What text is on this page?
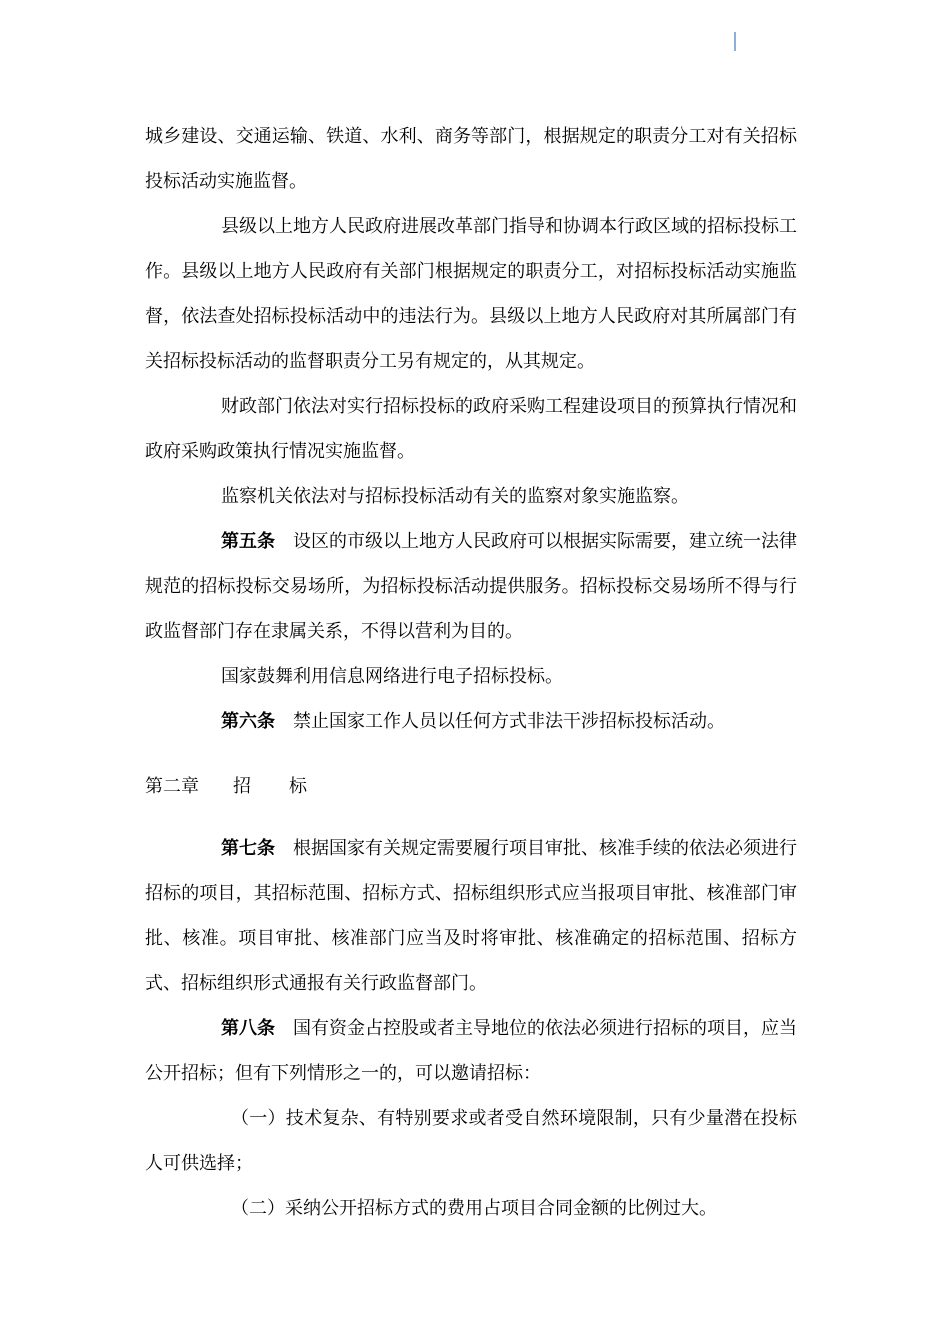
城乡建设、交通运输、铁道、水利、商务等部门，根据规定的职责分工对有关招标投标活动实施监督。

县级以上地方人民政府进展改革部门指导和协调本行政区域的招标投标工作。县级以上地方人民政府有关部门根据规定的职责分工，对招标投标活动实施监督，依法查处招标投标活动中的违法行为。县级以上地方人民政府对其所属部门有关招标投标活动的监督职责分工另有规定的，从其规定。

财政部门依法对实行招标投标的政府采购工程建设项目的预算执行情况和政府采购政策执行情况实施监督。

监察机关依法对与招标投标活动有关的监察对象实施监察。

第五条 设区的市级以上地方人民政府可以根据实际需要，建立统一法律规范的招标投标交易场所，为招标投标活动提供服务。招标投标交易场所不得与行政监督部门存在隶属关系，不得以营利为目的。

国家鼓舞利用信息网络进行电子招标投标。

第六条 禁止国家工作人员以任何方式非法干涉招标投标活动。

第二章 招 标

第七条 根据国家有关规定需要履行项目审批、核准手续的依法必须进行招标的项目，其招标范围、招标方式、招标组织形式应当报项目审批、核准部门审批、核准。项目审批、核准部门应当及时将审批、核准确定的招标范围、招标方式、招标组织形式通报有关行政监督部门。

第八条 国有资金占控股或者主导地位的依法必须进行招标的项目，应当公开招标；但有下列情形之一的，可以邀请招标：

（一）技术复杂、有特别要求或者受自然环境限制，只有少量潜在投标人可供选择；

（二）采纳公开招标方式的费用占项目合同金额的比例过大。
